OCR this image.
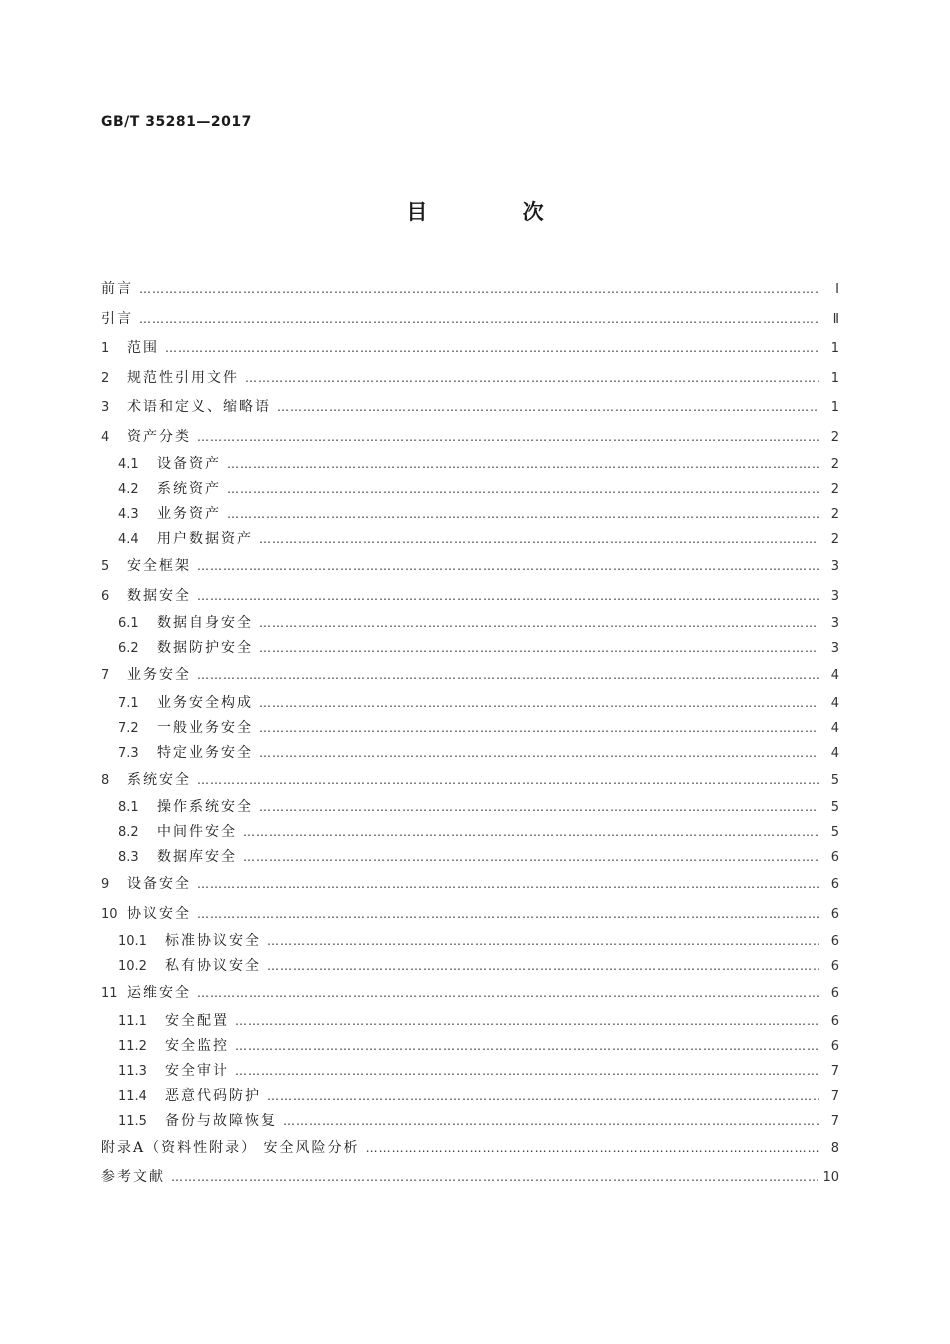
GB/T 35281—2017
目 次
前言 …………………………………………………………………………………………………………………………………………………………………………………………	Ⅰ
引言 …………………………………………………………………………………………………………………………………………………………………………………………	Ⅱ
1	范围 …………………………………………………………………………………………………………………………………………………………………………………………	1
2	规范性引用文件 …………………………………………………………………………………………………………………………………………………………………………………………	1
3	术语和定义、缩略语 …………………………………………………………………………………………………………………………………………………………………………………………	1
4	资产分类 …………………………………………………………………………………………………………………………………………………………………………………………	2
4.1	设备资产 …………………………………………………………………………………………………………………………………………………………………………………………	2
4.2	系统资产 …………………………………………………………………………………………………………………………………………………………………………………………	2
4.3	业务资产 …………………………………………………………………………………………………………………………………………………………………………………………	2
4.4	用户数据资产 …………………………………………………………………………………………………………………………………………………………………………………………	2
5	安全框架 …………………………………………………………………………………………………………………………………………………………………………………………	3
6	数据安全 …………………………………………………………………………………………………………………………………………………………………………………………	3
6.1	数据自身安全 …………………………………………………………………………………………………………………………………………………………………………………………	3
6.2	数据防护安全 …………………………………………………………………………………………………………………………………………………………………………………………	3
7	业务安全 …………………………………………………………………………………………………………………………………………………………………………………………	4
7.1	业务安全构成 …………………………………………………………………………………………………………………………………………………………………………………………	4
7.2	一般业务安全 …………………………………………………………………………………………………………………………………………………………………………………………	4
7.3	特定业务安全 …………………………………………………………………………………………………………………………………………………………………………………………	4
8	系统安全 …………………………………………………………………………………………………………………………………………………………………………………………	5
8.1	操作系统安全 …………………………………………………………………………………………………………………………………………………………………………………………	5
8.2	中间件安全 …………………………………………………………………………………………………………………………………………………………………………………………	5
8.3	数据库安全 …………………………………………………………………………………………………………………………………………………………………………………………	6
9	设备安全 …………………………………………………………………………………………………………………………………………………………………………………………	6
10 协议安全 …………………………………………………………………………………………………………………………………………………………………………………………	6
10.1	标准协议安全 …………………………………………………………………………………………………………………………………………………………………………………………	6
10.2	私有协议安全 …………………………………………………………………………………………………………………………………………………………………………………………	6
11 运维安全 …………………………………………………………………………………………………………………………………………………………………………………………	6
11.1	安全配置 …………………………………………………………………………………………………………………………………………………………………………………………	6
11.2	安全监控 …………………………………………………………………………………………………………………………………………………………………………………………	6
11.3	安全审计 …………………………………………………………………………………………………………………………………………………………………………………………	7
11.4	恶意代码防护 …………………………………………………………………………………………………………………………………………………………………………………………	7
11.5	备份与故障恢复 …………………………………………………………………………………………………………………………………………………………………………………………	7
附录A（资料性附录） 安全风险分析 …………………………………………………………………………………………………………………………………………………………………………………………	8
参考文献 …………………………………………………………………………………………………………………………………………………………………………………………	10
